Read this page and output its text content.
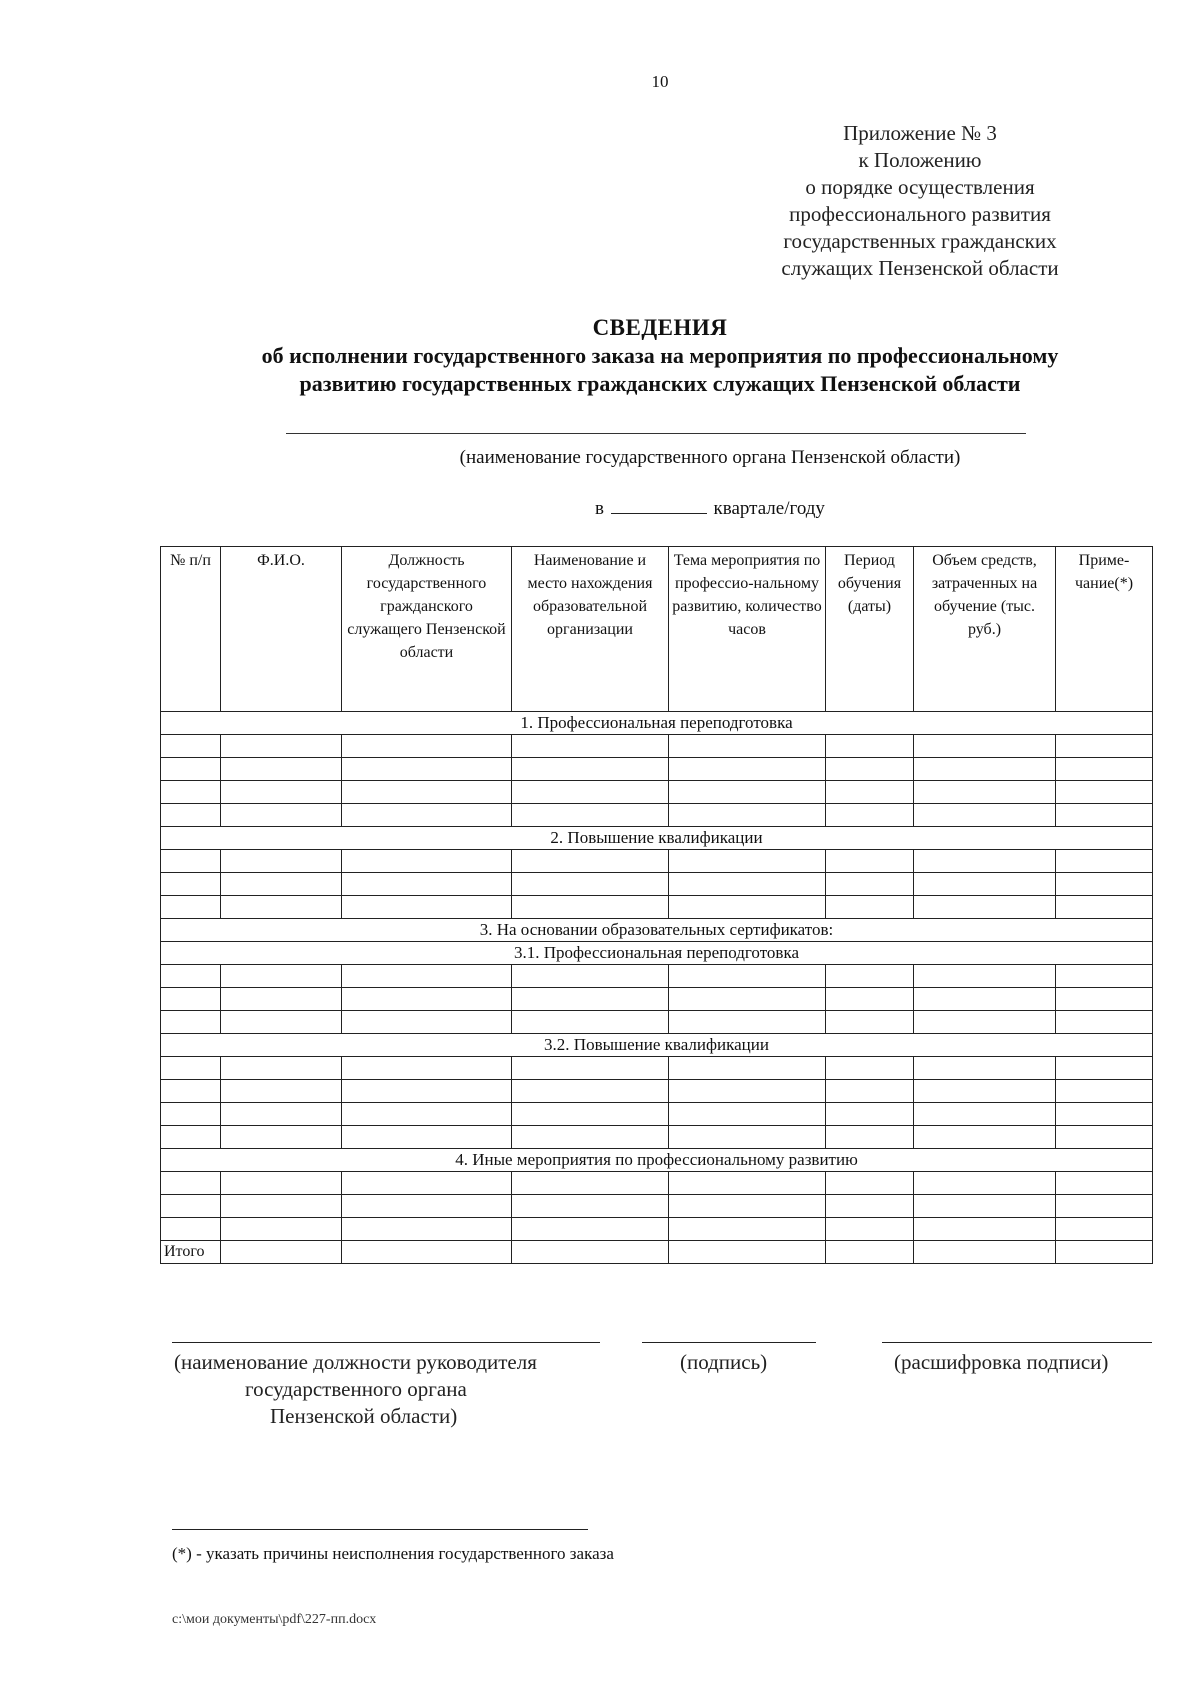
10
Приложение № 3
к Положению
о порядке осуществления
профессионального развития
государственных гражданских
служащих Пензенской области
СВЕДЕНИЯ
об исполнении государственного заказа на мероприятия по профессиональному
развитию государственных гражданских служащих Пензенской области
(наименование государственного органа Пензенской области)
в	квартале/году
№ п/п	Ф.И.О.	Должность государственного гражданского служащего Пензенской области	Наименование и место нахождения образовательной организации	Тема мероприятия по профессио-нальному развитию, количество часов	Период обучения (даты)	Объем средств, затраченных на обучение (тыс. руб.)	Приме-чание(*)
1. Профессиональная переподготовка							

2. Повышение квалификации							

3. На основании образовательных сертификатов:							
3.1. Профессиональная переподготовка							

3.2. Повышение квалификации							

4. Иные мероприятия по профессиональному развитию							

Итого							
(наименование должности руководителя
государственного органа
Пензенской области)
(подпись)	(расшифровка подписи)
(*) - указать причины неисполнения государственного заказа
c:\мои документы\pdf\227-пп.docx
